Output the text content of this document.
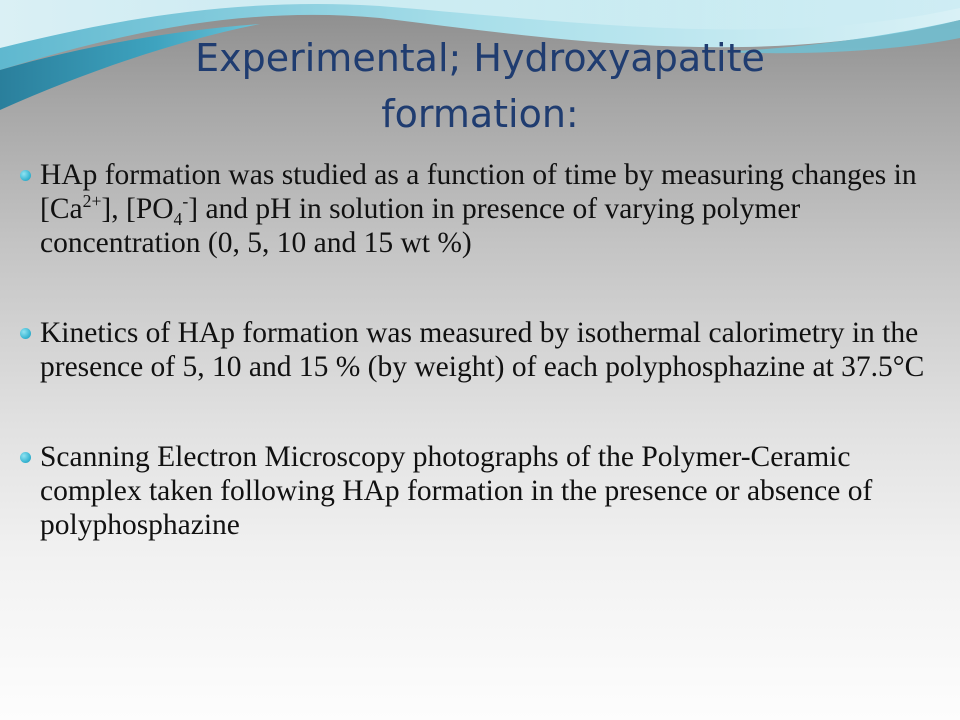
Experimental; Hydroxyapatite formation:
HAp formation was studied as a function of time by measuring changes in $[Ca^{2+}]$, $[PO_4^-]$ and pH in solution in presence of varying polymer concentration (0, 5, 10 and 15 wt %)
Kinetics of HAp formation was measured by isothermal calorimetry in the presence of 5, 10 and 15 % (by weight) of each polyphosphazine at 37.5°C
Scanning Electron Microscopy photographs of the Polymer-Ceramic complex taken following HAp formation in the presence or absence of polyphosphazine
